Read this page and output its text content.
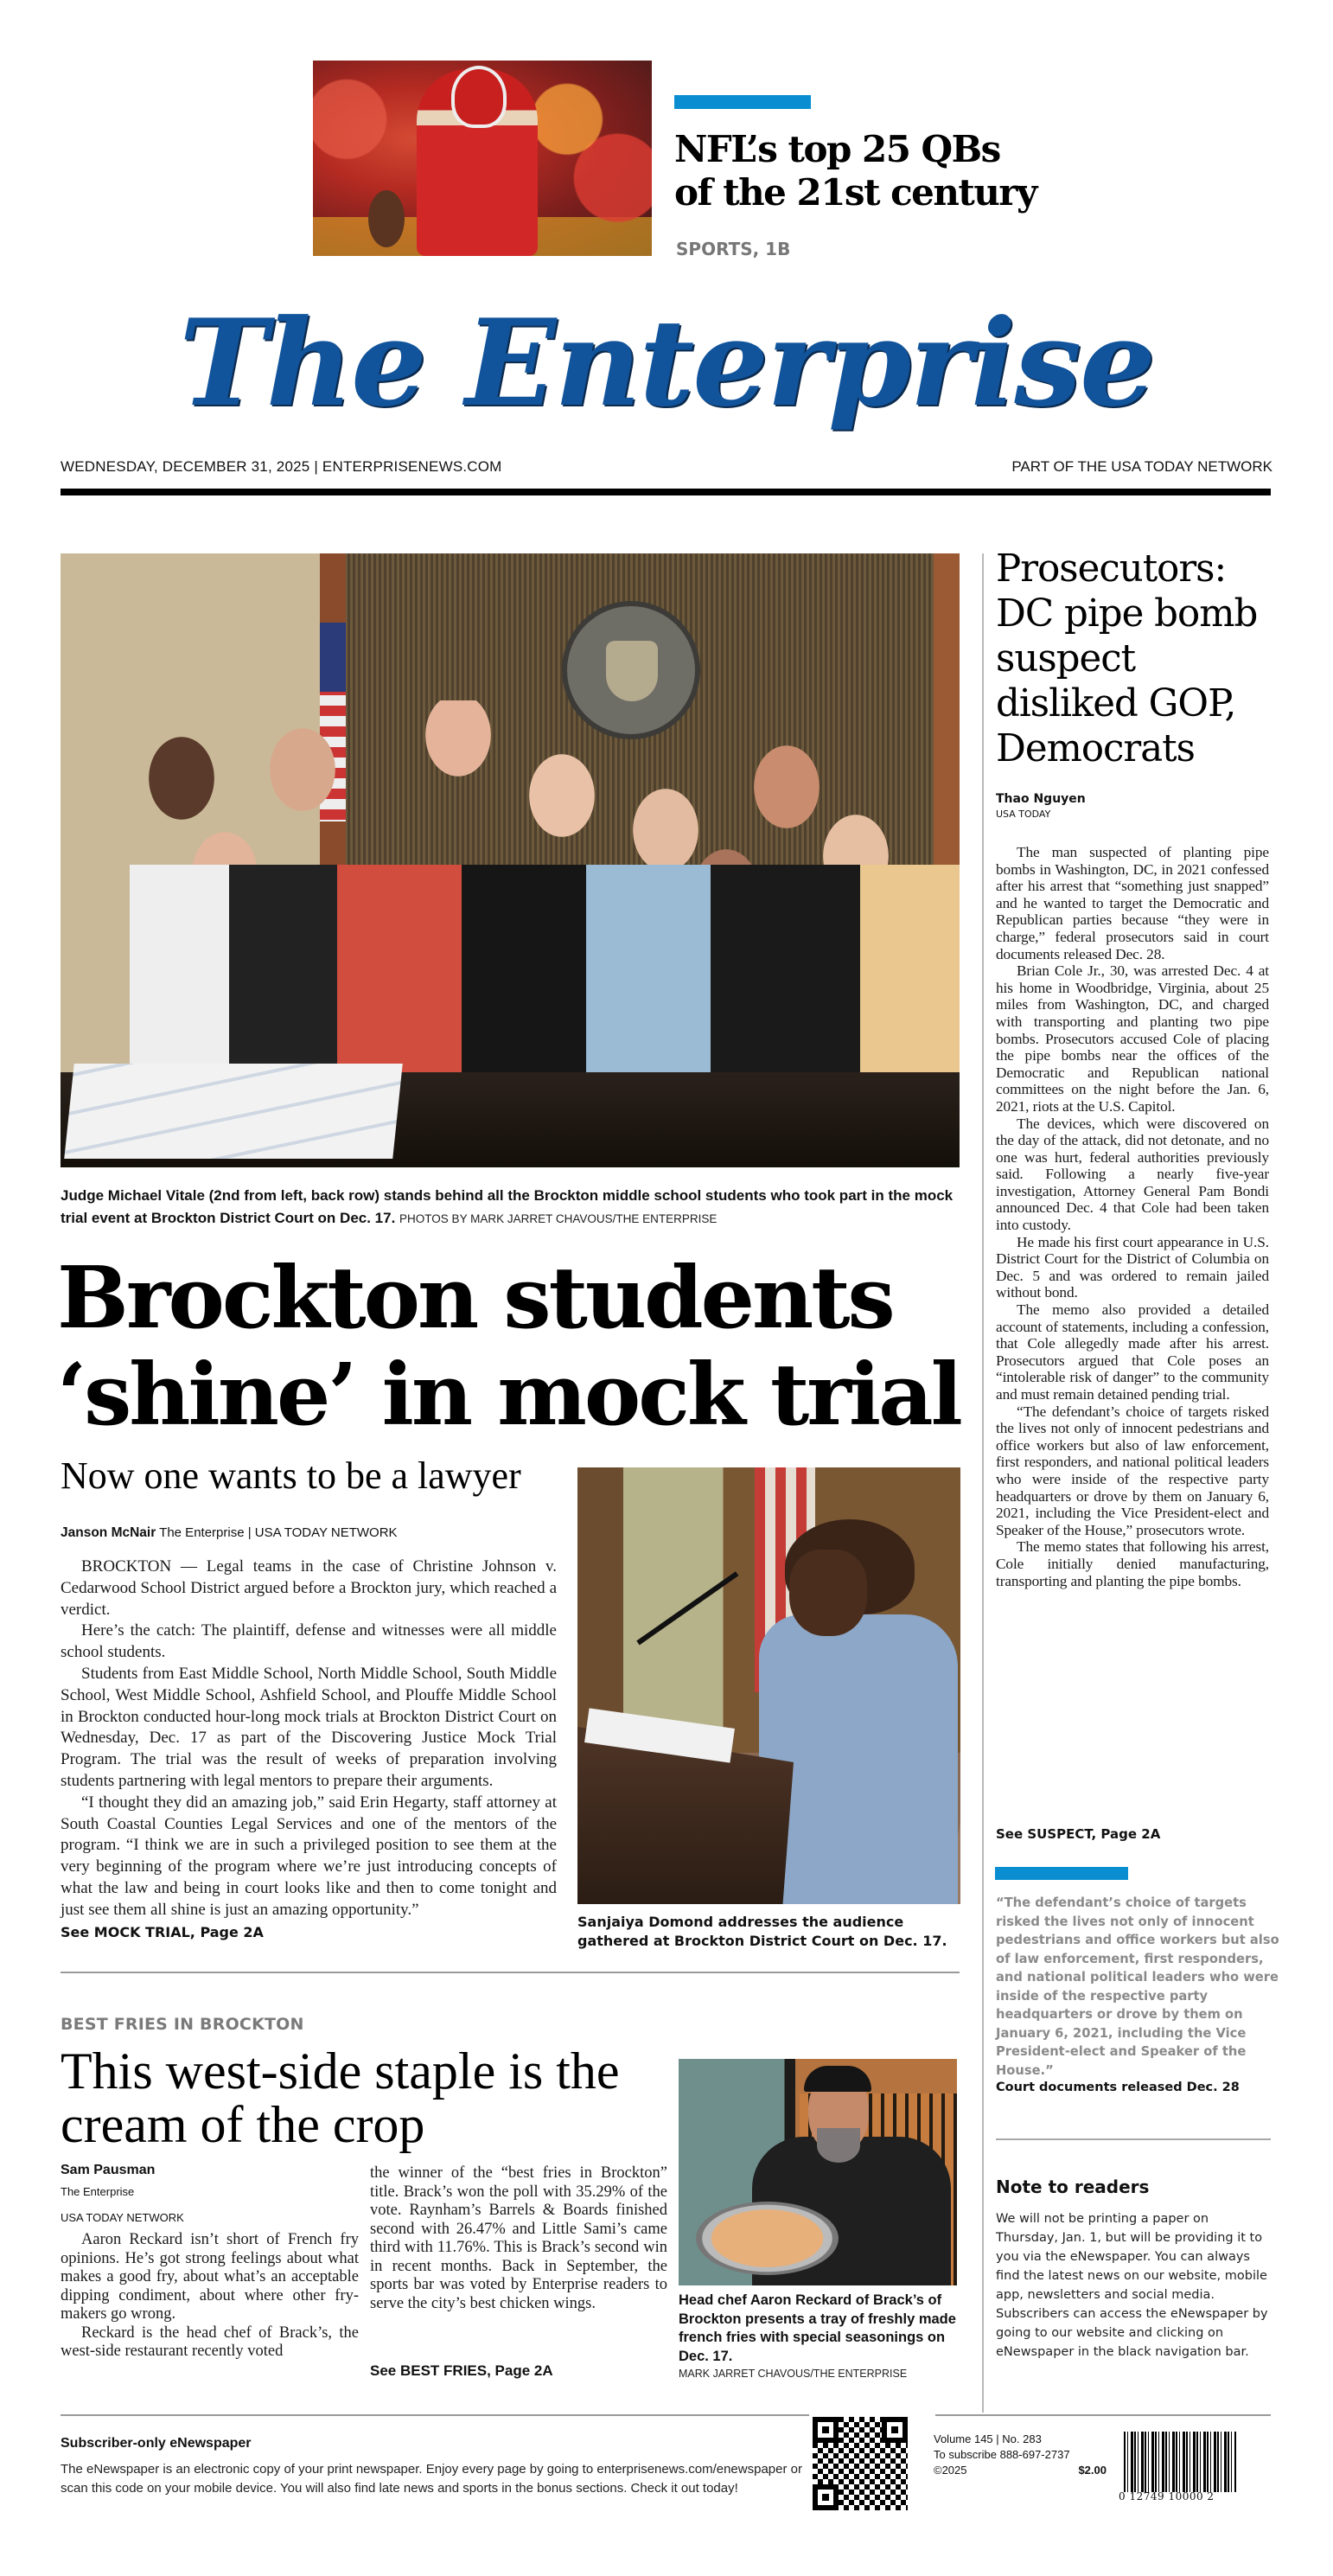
NFL’s top 25 QBs
of the 21st century
SPORTS, 1B
The Enterprise
WEDNESDAY, DECEMBER 31, 2025 | ENTERPRISENEWS.COM	PART OF THE USA TODAY NETWORK
Judge Michael Vitale (2nd from left, back row) stands behind all the Brockton middle school students who took part in the mock trial event at Brockton District Court on Dec. 17. PHOTOS BY MARK JARRET CHAVOUS/THE ENTERPRISE
Brockton students
‘shine’ in mock trial
Now one wants to be a lawyer
Janson McNair The Enterprise | USA TODAY NETWORK

BROCKTON — Legal teams in the case of Christine Johnson v. Cedarwood School District argued before a Brockton jury, which reached a verdict.

Here’s the catch: The plaintiff, defense and witnesses were all middle school students.

Students from East Middle School, North Middle School, South Middle School, West Middle School, Ashfield School, and Plouffe Middle School in Brockton conducted hour-long mock trials at Brockton District Court on Wednesday, Dec. 17 as part of the Discovering Justice Mock Trial Program. The trial was the result of weeks of preparation involving students partnering with legal mentors to prepare their arguments.

“I thought they did an amazing job,” said Erin Hegarty, staff attorney at South Coastal Counties Legal Services and one of the mentors of the program. “I think we are in such a privileged position to see them at the very beginning of the program where we’re just introducing concepts of what the law and being in court looks like and then to come tonight and just see them all shine is just an amazing opportunity.”

See MOCK TRIAL, Page 2A
Sanjaiya Domond addresses the audience gathered at Brockton District Court on Dec. 17.
BEST FRIES IN BROCKTON
This west-side staple is the cream of the crop
Sam Pausman
The Enterprise
USA TODAY NETWORK

Aaron Reckard isn’t short of French fry opinions. He’s got strong feelings about what makes a good fry, about what’s an acceptable dipping condiment, about where other fry-makers go wrong.

Reckard is the head chef of Brack’s, the west-side restaurant recently voted

the winner of the “best fries in Brockton” title. Brack’s won the poll with 35.29% of the vote. Raynham’s Barrels & Boards finished second with 26.47% and Little Sami’s came third with 11.76%. This is Brack’s second win in recent months. Back in September, the sports bar was voted by Enterprise readers to serve the city’s best chicken wings.
See BEST FRIES, Page 2A
Head chef Aaron Reckard of Brack’s of Brockton presents a tray of freshly made french fries with special seasonings on Dec. 17.
MARK JARRET CHAVOUS/THE ENTERPRISE
Prosecutors: DC pipe bomb suspect disliked GOP, Democrats
Thao Nguyen
USA TODAY

The man suspected of planting pipe bombs in Washington, DC, in 2021 confessed after his arrest that “something just snapped” and he wanted to target the Democratic and Republican parties because “they were in charge,” federal prosecutors said in court documents released Dec. 28.

Brian Cole Jr., 30, was arrested Dec. 4 at his home in Woodbridge, Virginia, about 25 miles from Washington, DC, and charged with transporting and planting two pipe bombs. Prosecutors accused Cole of placing the pipe bombs near the offices of the Democratic and Republican national committees on the night before the Jan. 6, 2021, riots at the U.S. Capitol.

The devices, which were discovered on the day of the attack, did not detonate, and no one was hurt, federal authorities previously said. Following a nearly five-year investigation, Attorney General Pam Bondi announced Dec. 4 that Cole had been taken into custody.

He made his first court appearance in U.S. District Court for the District of Columbia on Dec. 5 and was ordered to remain jailed without bond.

The memo also provided a detailed account of statements, including a confession, that Cole allegedly made after his arrest. Prosecutors argued that Cole poses an “intolerable risk of danger” to the community and must remain detained pending trial.

“The defendant’s choice of targets risked the lives not only of innocent pedestrians and office workers but also of law enforcement, first responders, and national political leaders who were inside of the respective party headquarters or drove by them on January 6, 2021, including the Vice President-elect and Speaker of the House,” prosecutors wrote.

The memo states that following his arrest, Cole initially denied manufacturing, transporting and planting the pipe bombs.

See SUSPECT, Page 2A
“The defendant’s choice of targets risked the lives not only of innocent pedestrians and office workers but also of law enforcement, first responders, and national political leaders who were inside of the respective party headquarters or drove by them on January 6, 2021, including the Vice President-elect and Speaker of the House.”
Court documents released Dec. 28
Note to readers
We will not be printing a paper on Thursday, Jan. 1, but will be providing it to you via the eNewspaper. You can always find the latest news on our website, mobile app, newsletters and social media. Subscribers can access the eNewspaper by going to our website and clicking on eNewspaper in the black navigation bar.
Subscriber-only eNewspaper
The eNewspaper is an electronic copy of your print newspaper. Enjoy every page by going to enterprisenews.com/enewspaper or scan this code on your mobile device. You will also find late news and sports in the bonus sections. Check it out today!
Volume 145 | No. 283
To subscribe 888-697-2737
©2025	$2.00
0 12749 10000 2
